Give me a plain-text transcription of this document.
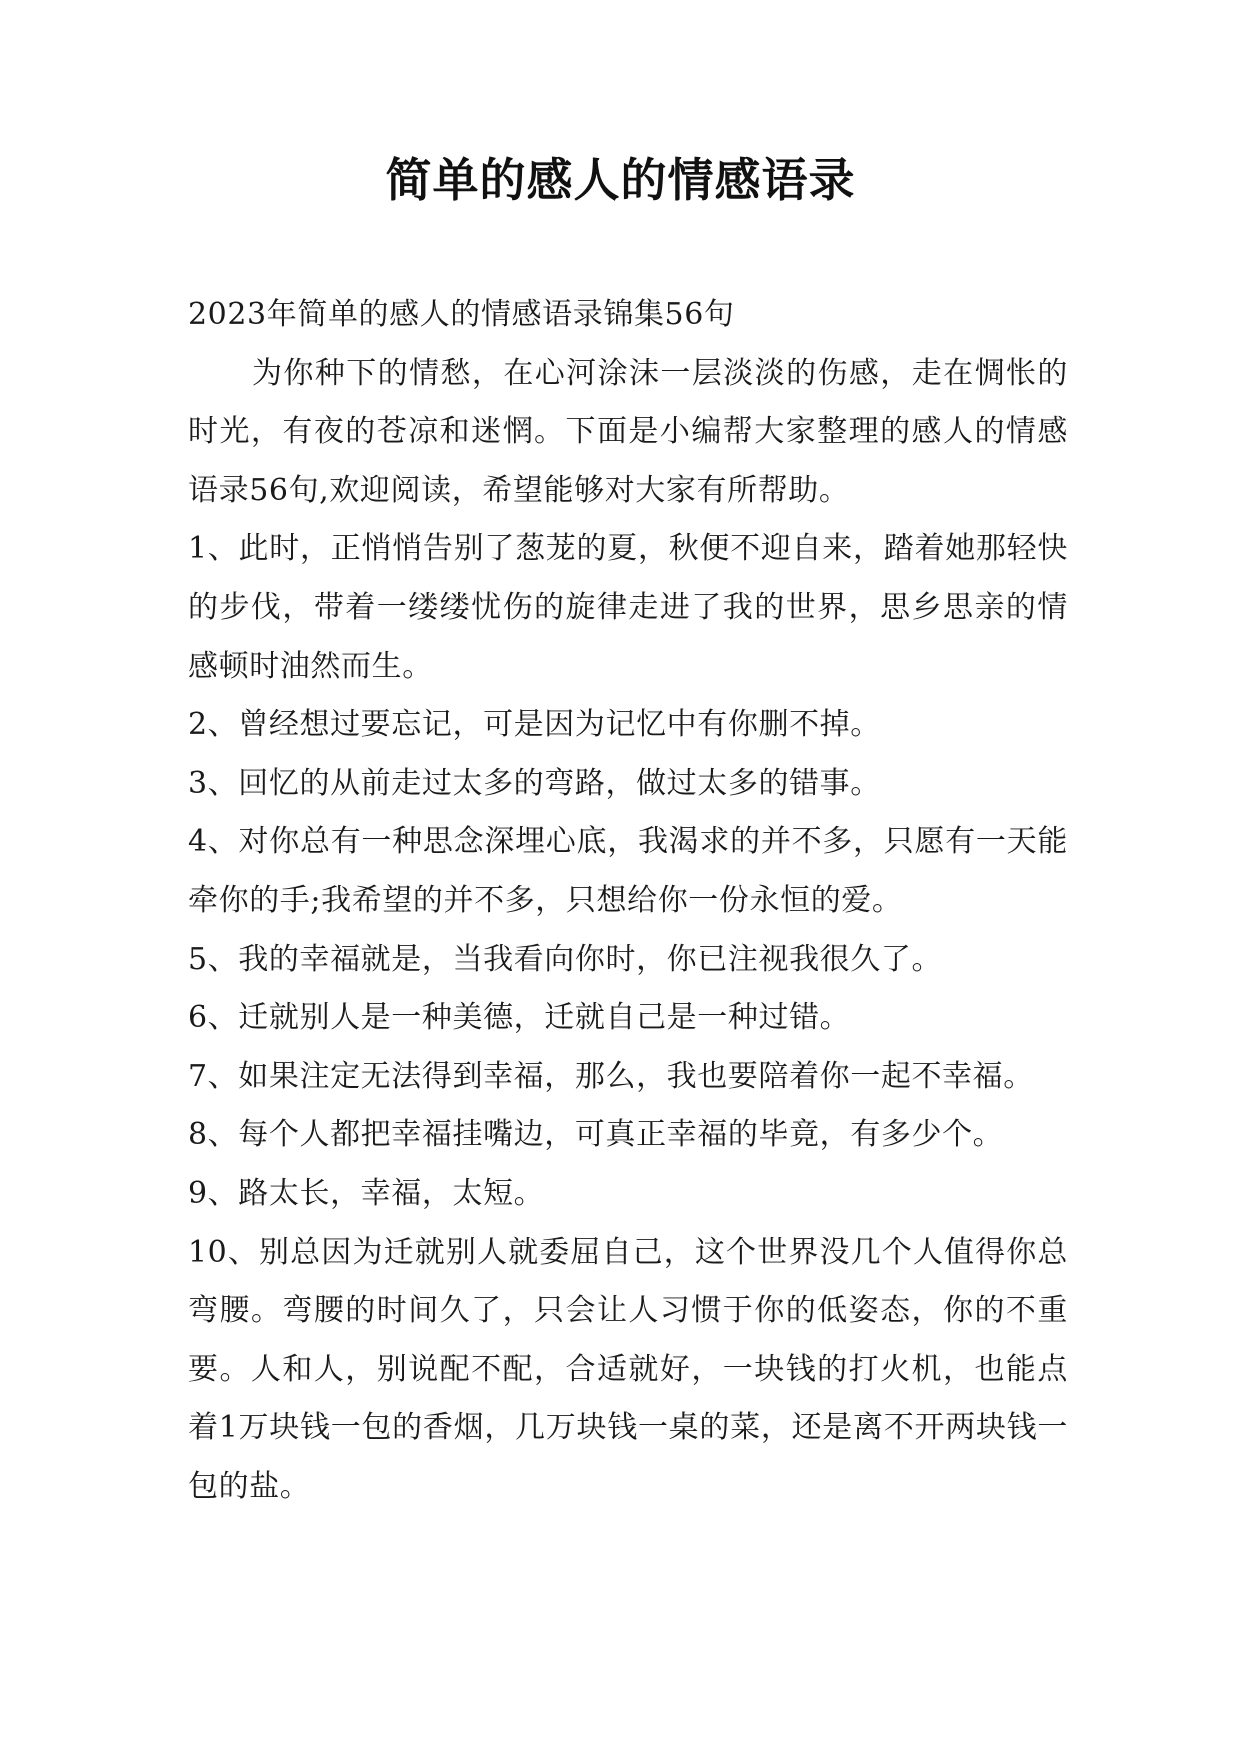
简单的感人的情感语录

2023年简单的感人的情感语录锦集56句

为你种下的情愁，在心河涂沫一层淡淡的伤感，走在惆怅的时光，有夜的苍凉和迷惘。下面是小编帮大家整理的感人的情感语录56句,欢迎阅读，希望能够对大家有所帮助。

1、此时，正悄悄告别了葱茏的夏，秋便不迎自来，踏着她那轻快的步伐，带着一缕缕忧伤的旋律走进了我的世界，思乡思亲的情感顿时油然而生。

2、曾经想过要忘记，可是因为记忆中有你删不掉。

3、回忆的从前走过太多的弯路，做过太多的错事。

4、对你总有一种思念深埋心底，我渴求的并不多，只愿有一天能牵你的手;我希望的并不多，只想给你一份永恒的爱。

5、我的幸福就是，当我看向你时，你已注视我很久了。

6、迁就别人是一种美德，迁就自己是一种过错。

7、如果注定无法得到幸福，那么，我也要陪着你一起不幸福。

8、每个人都把幸福挂嘴边，可真正幸福的毕竟，有多少个。

9、路太长，幸福，太短。

10、别总因为迁就别人就委屈自己，这个世界没几个人值得你总弯腰。弯腰的时间久了，只会让人习惯于你的低姿态，你的不重要。人和人，别说配不配，合适就好，一块钱的打火机，也能点着1万块钱一包的香烟，几万块钱一桌的菜，还是离不开两块钱一包的盐。
